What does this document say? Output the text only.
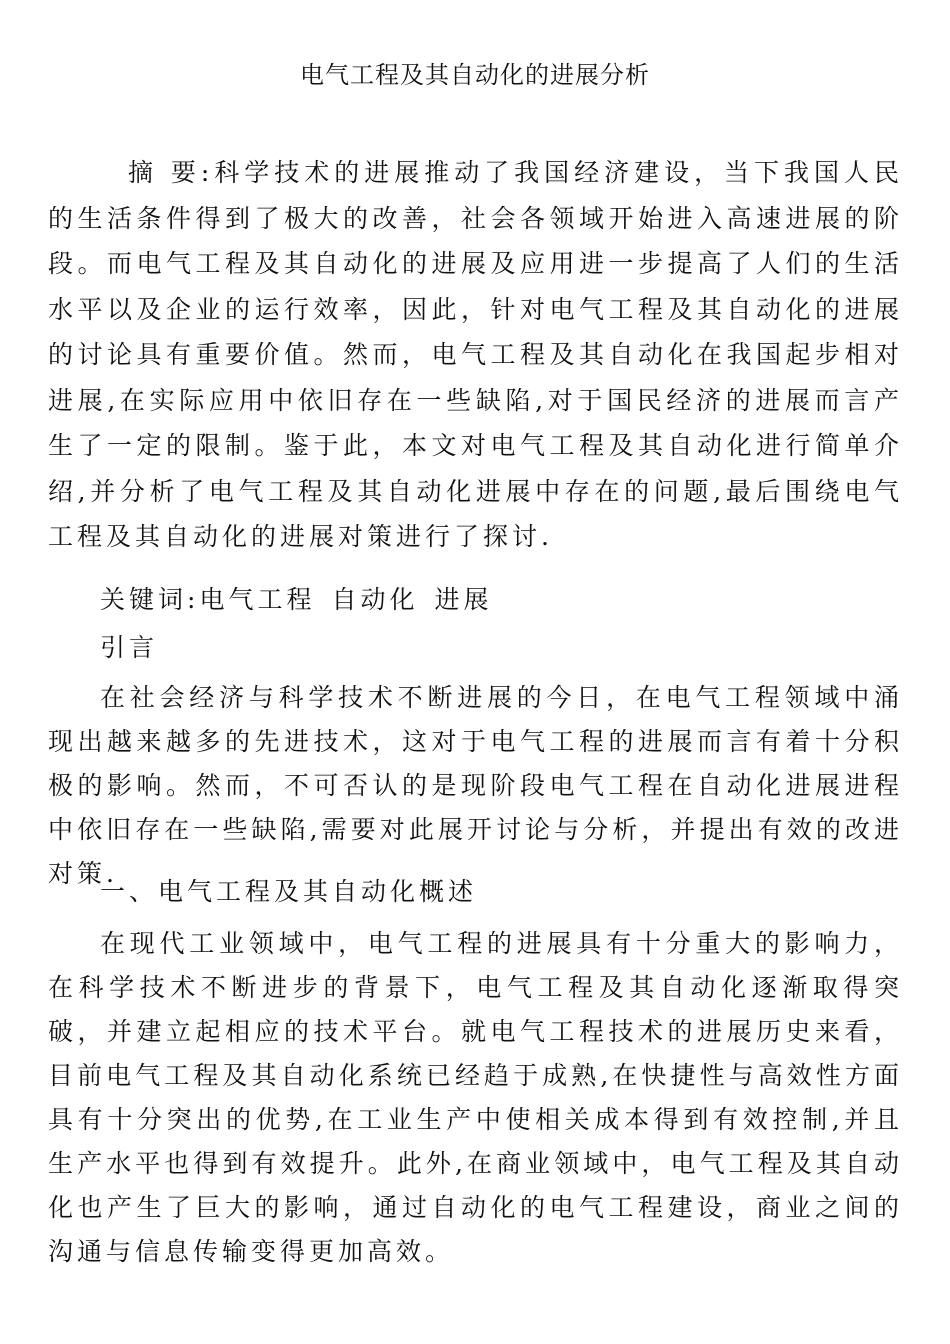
电气工程及其自动化的进展分析

摘 要:科学技术的进展推动了我国经济建设，当下我国人民的生活条件得到了极大的改善，社会各领域开始进入高速进展的阶段。而电气工程及其自动化的进展及应用进一步提高了人们的生活水平以及企业的运行效率，因此，针对电气工程及其自动化的进展的讨论具有重要价值。然而，电气工程及其自动化在我国起步相对进展,在实际应用中依旧存在一些缺陷,对于国民经济的进展而言产生了一定的限制。鉴于此，本文对电气工程及其自动化进行简单介绍,并分析了电气工程及其自动化进展中存在的问题,最后围绕电气工程及其自动化的进展对策进行了探讨.

关键词:电气工程 自动化 进展

引言

在社会经济与科学技术不断进展的今日，在电气工程领域中涌现出越来越多的先进技术，这对于电气工程的进展而言有着十分积极的影响。然而，不可否认的是现阶段电气工程在自动化进展进程中依旧存在一些缺陷,需要对此展开讨论与分析，并提出有效的改进对策.

一、电气工程及其自动化概述

在现代工业领域中，电气工程的进展具有十分重大的影响力，在科学技术不断进步的背景下，电气工程及其自动化逐渐取得突破，并建立起相应的技术平台。就电气工程技术的进展历史来看，目前电气工程及其自动化系统已经趋于成熟,在快捷性与高效性方面具有十分突出的优势,在工业生产中使相关成本得到有效控制,并且生产水平也得到有效提升。此外,在商业领域中，电气工程及其自动化也产生了巨大的影响，通过自动化的电气工程建设，商业之间的沟通与信息传输变得更加高效。
